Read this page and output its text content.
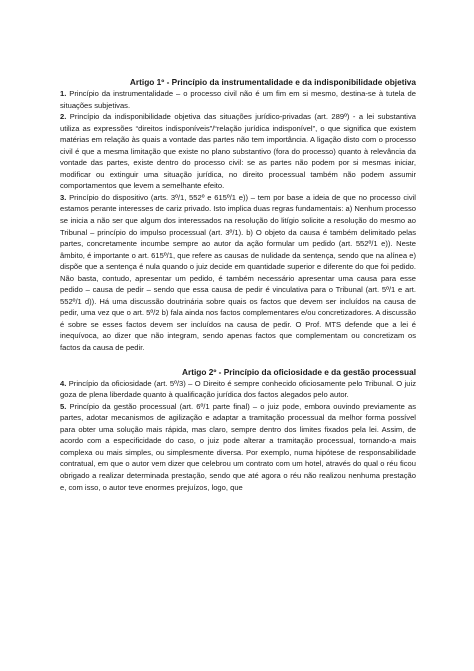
Artigo 1º - Princípio da instrumentalidade e da indisponibilidade objetiva

1. Princípio da instrumentalidade – o processo civil não é um fim em si mesmo, destina-se à tutela de situações subjetivas.

2. Princípio da indisponibilidade objetiva das situações jurídico-privadas (art. 289º) - a lei substantiva utiliza as expressões “direitos indisponíveis”/“relação jurídica indisponível”, o que significa que existem matérias em relação às quais a vontade das partes não tem importância. A ligação disto com o processo civil é que a mesma limitação que existe no plano substantivo (fora do processo) quanto à relevância da vontade das partes, existe dentro do processo civil: se as partes não podem por si mesmas iniciar, modificar ou extinguir uma situação jurídica, no direito processual também não podem assumir comportamentos que levem a semelhante efeito.

3. Princípio do dispositivo (arts. 3º/1, 552º e 615º/1 e)) – tem por base a ideia de que no processo civil estamos perante interesses de cariz privado. Isto implica duas regras fundamentais: a) Nenhum processo se inicia a não ser que algum dos interessados na resolução do litígio solicite a resolução do mesmo ao Tribunal – princípio do impulso processual (art. 3º/1). b) O objeto da causa é também delimitado pelas partes, concretamente incumbe sempre ao autor da ação formular um pedido (art. 552º/1 e)). Neste âmbito, é importante o art. 615º/1, que refere as causas de nulidade da sentença, sendo que na alínea e) dispõe que a sentença é nula quando o juiz decide em quantidade superior e diferente do que foi pedido. Não basta, contudo, apresentar um pedido, é também necessário apresentar uma causa para esse pedido – causa de pedir – sendo que essa causa de pedir é vinculativa para o Tribunal (art. 5º/1 e art. 552º/1 d)). Há uma discussão doutrinária sobre quais os factos que devem ser incluídos na causa de pedir, uma vez que o art. 5º/2 b) fala ainda nos factos complementares e/ou concretizadores. A discussão é sobre se esses factos devem ser incluídos na causa de pedir. O Prof. MTS defende que a lei é inequívoca, ao dizer que não integram, sendo apenas factos que complementam ou concretizam os factos da causa de pedir.

Artigo 2º - Princípio da oficiosidade e da gestão processual

4. Princípio da oficiosidade (art. 5º/3) – O Direito é sempre conhecido oficiosamente pelo Tribunal. O juiz goza de plena liberdade quanto à qualificação jurídica dos factos alegados pelo autor.

5. Princípio da gestão processual (art. 6º/1 parte final) – o juiz pode, embora ouvindo previamente as partes, adotar mecanismos de agilização e adaptar a tramitação processual da melhor forma possível para obter uma solução mais rápida, mas claro, sempre dentro dos limites fixados pela lei. Assim, de acordo com a especificidade do caso, o juiz pode alterar a tramitação processual, tornando-a mais complexa ou mais simples, ou simplesmente diversa. Por exemplo, numa hipótese de responsabilidade contratual, em que o autor vem dizer que celebrou um contrato com um hotel, através do qual o réu ficou obrigado a realizar determinada prestação, sendo que até agora o réu não realizou nenhuma prestação e, com isso, o autor teve enormes prejuízos, logo, que
